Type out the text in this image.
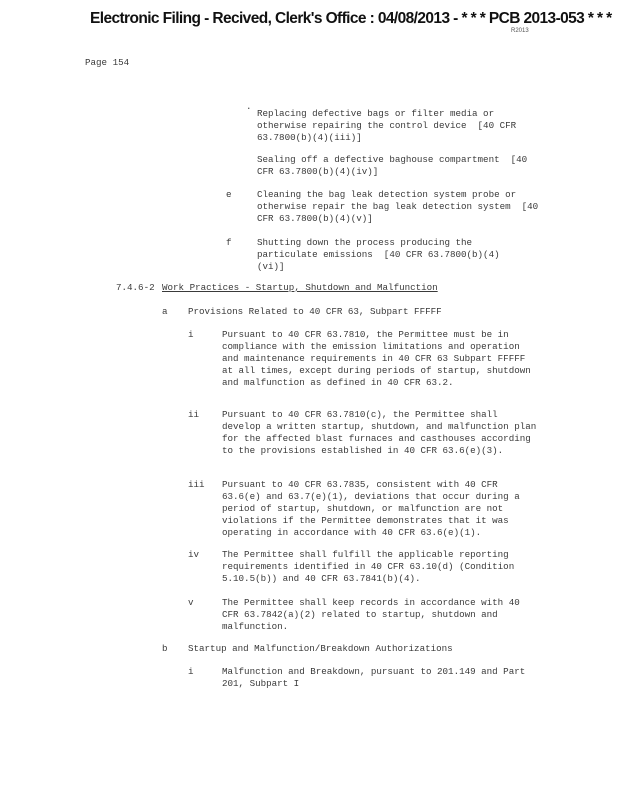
Electronic Filing - Recived, Clerk's Office : 04/08/2013 - * * * PCB 2013-053 * * *
R2013
Page 154
.
Replacing defective bags or filter media or otherwise repairing the control device  [40 CFR 63.7800(b)(4)(iii)]
Sealing off a defective baghouse compartment  [40 CFR 63.7800(b)(4)(iv)]
e	Cleaning the bag leak detection system probe or otherwise repair the bag leak detection system  [40 CFR 63.7800(b)(4)(v)]
f	Shutting down the process producing the particulate emissions  [40 CFR 63.7800(b)(4)(vi)]
7.4.6-2 Work Practices - Startup, Shutdown and Malfunction
a Provisions Related to 40 CFR 63, Subpart FFFFF
i	Pursuant to 40 CFR 63.7810, the Permittee must be in compliance with the emission limitations and operation and maintenance requirements in 40 CFR 63 Subpart FFFFF at all times, except during periods of startup, shutdown and malfunction as defined in 40 CFR 63.2.
ii Pursuant to 40 CFR 63.7810(c), the Permittee shall develop a written startup, shutdown, and malfunction plan for the affected blast furnaces and casthouses according to the provisions established in 40 CFR 63.6(e)(3).
iii Pursuant to 40 CFR 63.7835, consistent with 40 CFR 63.6(e) and 63.7(e)(1), deviations that occur during a period of startup, shutdown, or malfunction are not violations if the Permittee demonstrates that it was operating in accordance with 40 CFR 63.6(e)(1).
iv The Permittee shall fulfill the applicable reporting requirements identified in 40 CFR 63.10(d) (Condition 5.10.5(b)) and 40 CFR 63.7841(b)(4).
v	The Permittee shall keep records in accordance with 40 CFR 63.7842(a)(2) related to startup, shutdown and malfunction.
b Startup and Malfunction/Breakdown Authorizations
i	Malfunction and Breakdown, pursuant to 201.149 and Part 201, Subpart I
